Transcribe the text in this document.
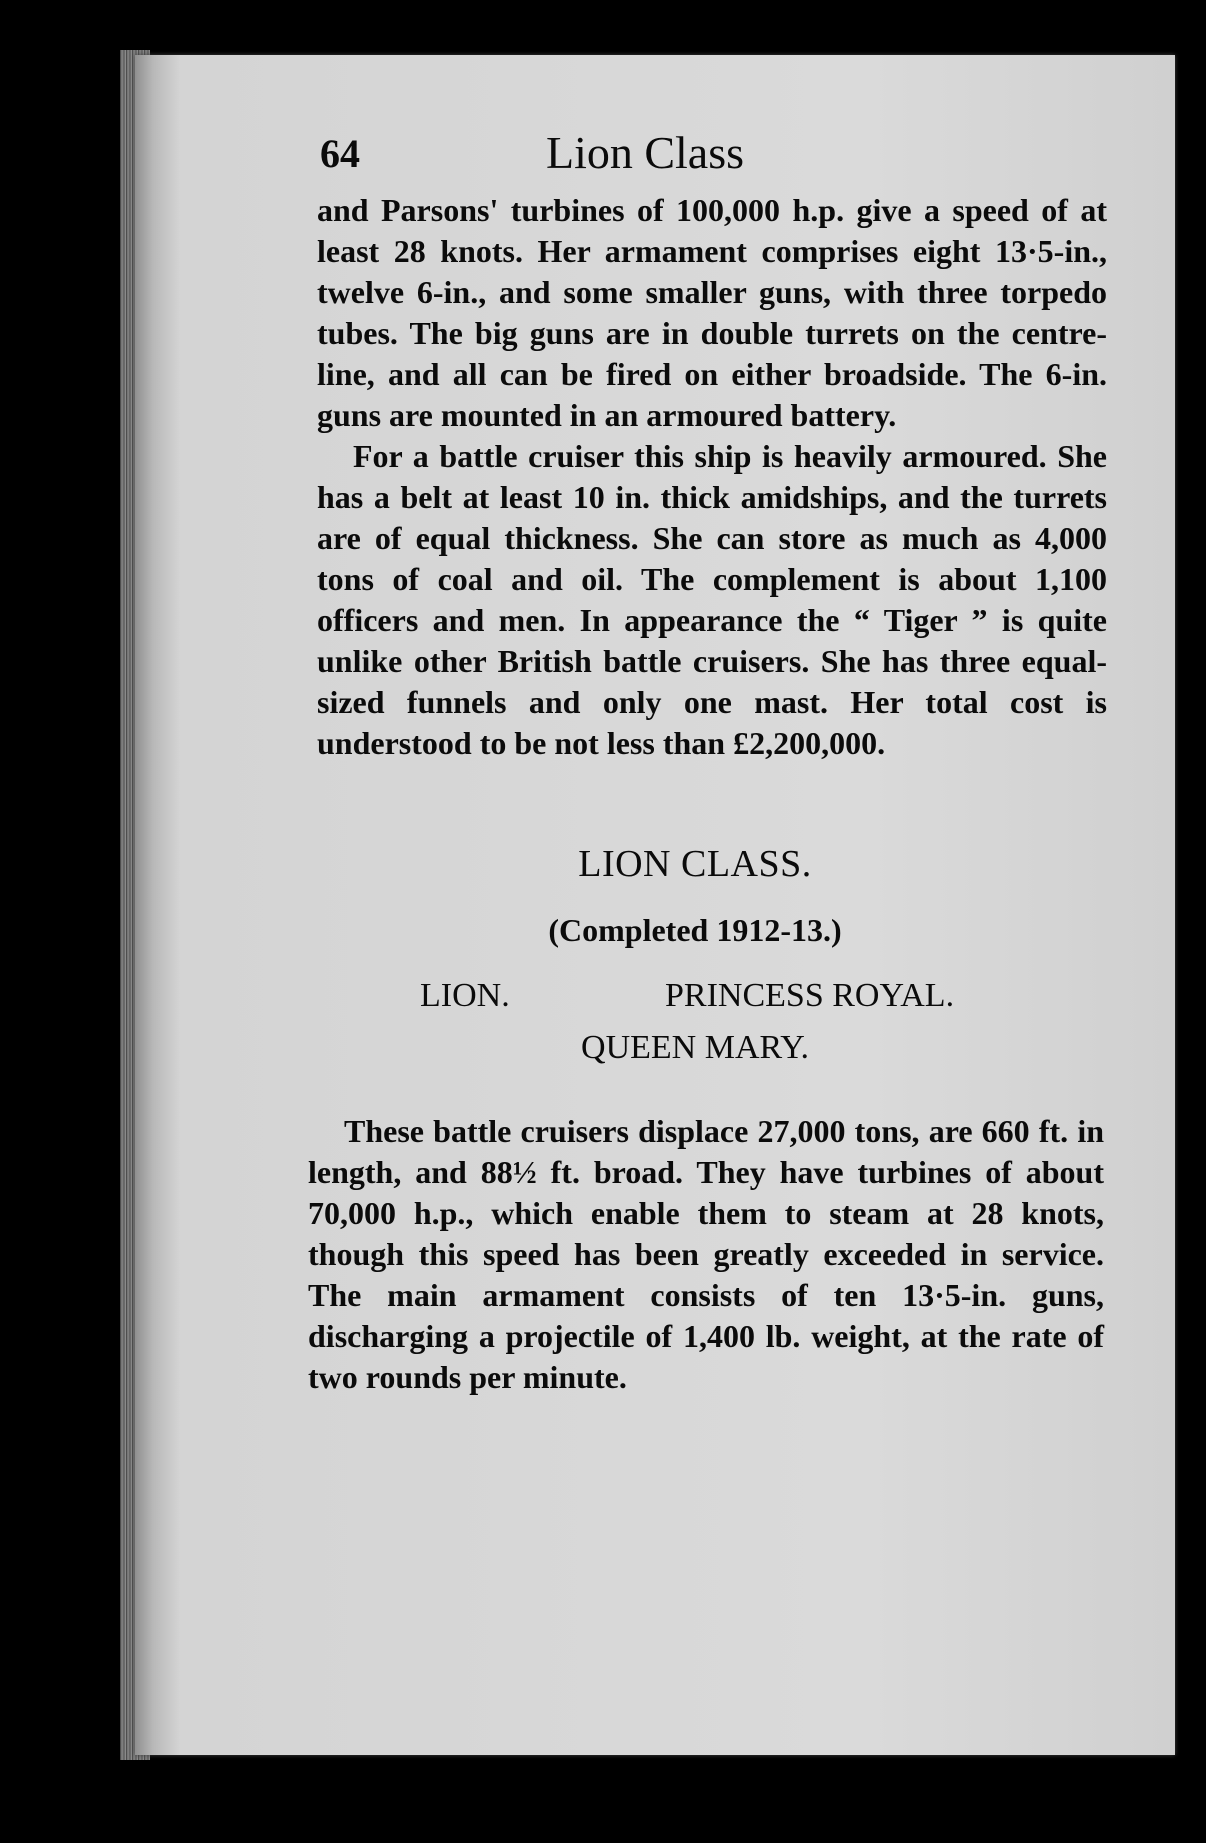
64	Lion Class

and Parsons' turbines of 100,000 h.p. give a speed of at least 28 knots. Her armament comprises eight 13·5-in., twelve 6-in., and some smaller guns, with three torpedo tubes. The big guns are in double turrets on the centre-line, and all can be fired on either broadside. The 6-in. guns are mounted in an armoured battery.

For a battle cruiser this ship is heavily armoured. She has a belt at least 10 in. thick amidships, and the turrets are of equal thickness. She can store as much as 4,000 tons of coal and oil. The complement is about 1,100 officers and men. In appearance the “ Tiger ” is quite unlike other British battle cruisers. She has three equal-sized funnels and only one mast. Her total cost is understood to be not less than £2,200,000.

LION CLASS.
(Completed 1912-13.)
LION.	PRINCESS ROYAL.
QUEEN MARY.

These battle cruisers displace 27,000 tons, are 660 ft. in length, and 88½ ft. broad. They have turbines of about 70,000 h.p., which enable them to steam at 28 knots, though this speed has been greatly exceeded in service. The main armament consists of ten 13·5-in. guns, discharging a projectile of 1,400 lb. weight, at the rate of two rounds per minute.
